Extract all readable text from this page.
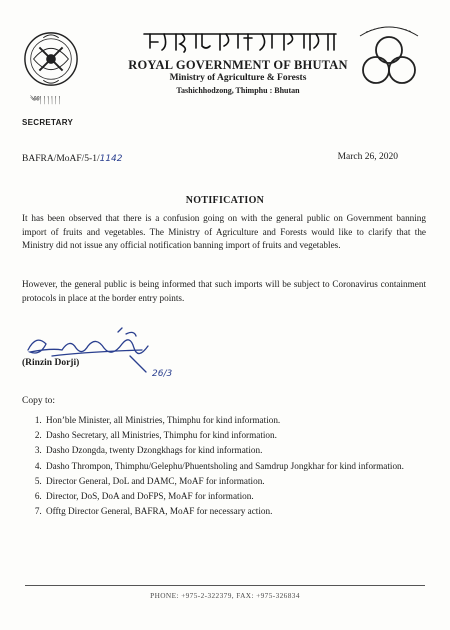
༄༅། ། ། ། ། །
SECRETARY
ROYAL GOVERNMENT OF BHUTAN
Ministry of Agriculture & Forests
Tashichhodzong, Thimphu : Bhutan
BAFRA/MoAF/5-1/1142	March 26, 2020
NOTIFICATION
It has been observed that there is a confusion going on with the general public on Government banning import of fruits and vegetables. The Ministry of Agriculture and Forests would like to clarify that the Ministry did not issue any official notification banning import of fruits and vegetables.
However, the general public is being informed that such imports will be subject to Coronavirus containment protocols in place at the border entry points.
26/3
(Rinzin Dorji)
Copy to:
1. Hon’ble Minister, all Ministries, Thimphu for kind information.
2. Dasho Secretary, all Ministries, Thimphu for kind information.
3. Dasho Dzongda, twenty Dzongkhags for kind information.
4. Dasho Thrompon, Thimphu/Gelephu/Phuentsholing and Samdrup Jongkhar for kind information.
5. Director General, DoL and DAMC, MoAF for information.
6. Director, DoS, DoA and DoFPS, MoAF for information.
7. Offtg Director General, BAFRA, MoAF for necessary action.
PHONE: +975-2-322379, FAX: +975-326834
